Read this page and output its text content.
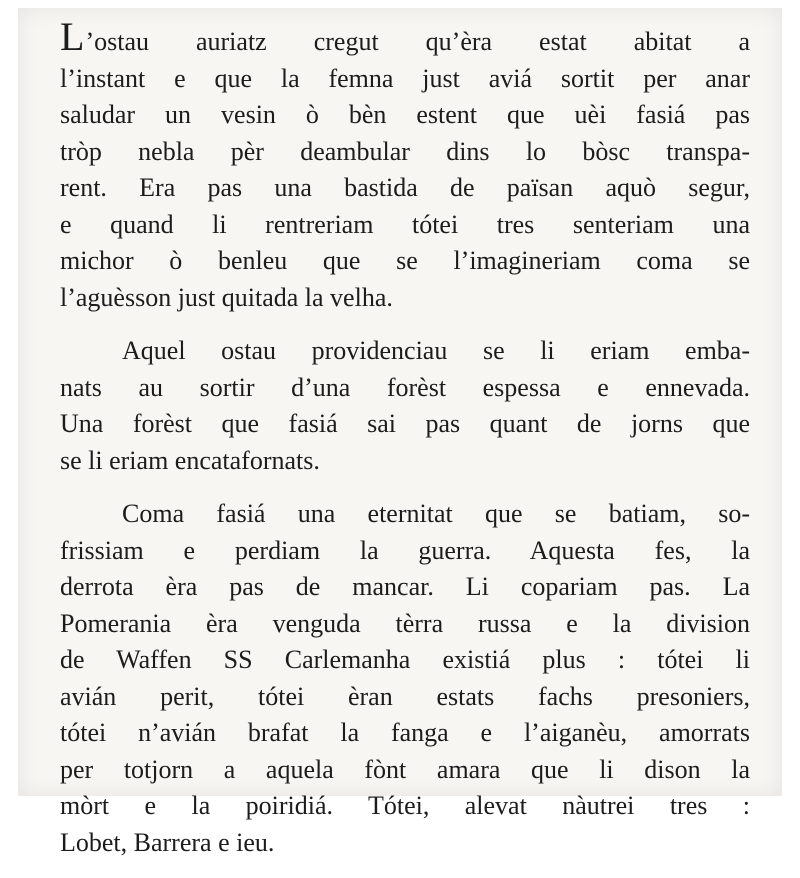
L’ostau auriatz cregut qu’èra estat abitat a
l’instant e que la femna just aviá sortit per anar
saludar un vesin ò bèn estent que uèi fasiá pas
tròp nebla pèr deambular dins lo bòsc transpa-
rent. Era pas una bastida de païsan aquò segur,
e quand li rentreriam tótei tres senteriam una
michor ò benleu que se l’imagineriam coma se
l’aguèsson just quitada la velha.
Aquel ostau providenciau se li eriam emba-
nats au sortir d’una forèst espessa e ennevada.
Una forèst que fasiá sai pas quant de jorns que
se li eriam encatafornats.
Coma fasiá una eternitat que se batiam, so-
frissiam e perdiam la guerra. Aquesta fes, la
derrota èra pas de mancar. Li copariam pas. La
Pomerania èra venguda tèrra russa e la division
de Waffen SS Carlemanha existiá plus : tótei li
avián perit, tótei èran estats fachs presoniers,
tótei n’avián brafat la fanga e l’aiganèu, amorrats
per totjorn a aquela fònt amara que li dison la
mòrt e la poiridiá. Tótei, alevat nàutrei tres :
Lobet, Barrera e ieu.
